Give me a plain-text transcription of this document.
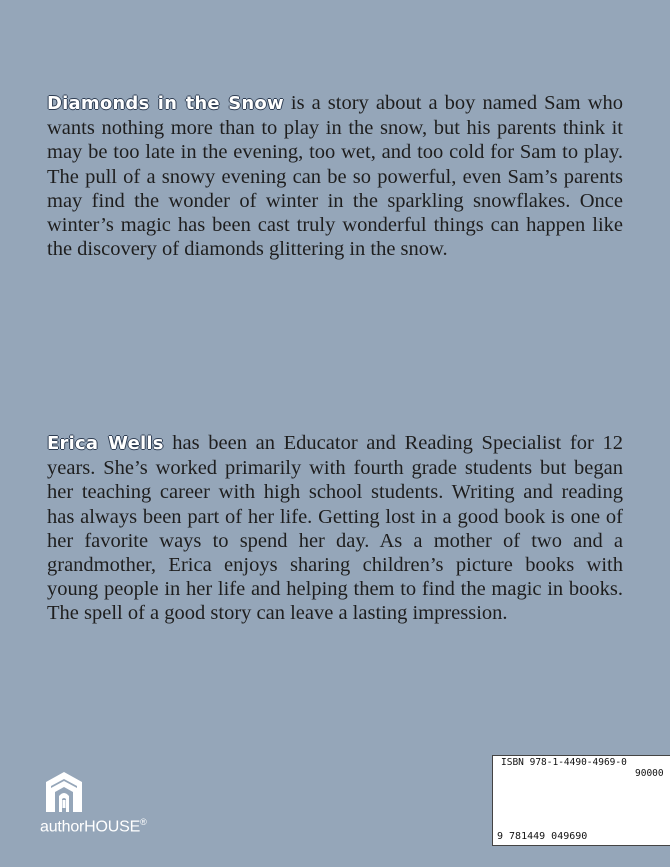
Diamonds in the Snow is a story about a boy named Sam who wants nothing more than to play in the snow, but his parents think it may be too late in the evening, too wet, and too cold for Sam to play. The pull of a snowy evening can be so powerful, even Sam’s parents may find the wonder of winter in the sparkling snowflakes. Once winter’s magic has been cast truly wonderful things can happen like the discovery of diamonds glittering in the snow.

Erica Wells has been an Educator and Reading Specialist for 12 years. She’s worked primarily with fourth grade students but began her teaching career with high school students. Writing and reading has always been part of her life. Getting lost in a good book is one of her favorite ways to spend her day. As a mother of two and a grandmother, Erica enjoys sharing children’s picture books with young people in her life and helping them to find the magic in books. The spell of a good story can leave a lasting impression.

authorHOUSE®
ISBN 978-1-4490-4969-0
90000
9 781449 049690
